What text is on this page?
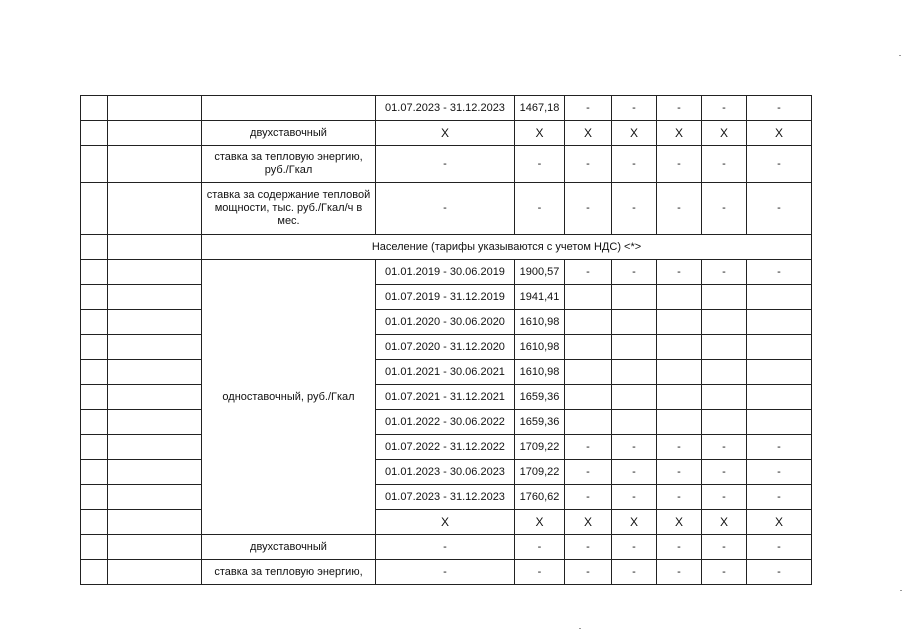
			01.07.2023 - 31.12.2023	1467,18	-	-	-	-	-
		двухставочный	X	X	X	X	X	X	X
		ставка за тепловую энергию, руб./Гкал	-	-	-	-	-	-	-
		ставка за содержание тепловой мощности, тыс. руб./Гкал/ч в мес.	-	-	-	-	-	-	-
		Население (тарифы указываются с учетом НДС) <*>							
		одноставочный, руб./Гкал	01.01.2019 - 30.06.2019	1900,57	-	-	-	-	-
			01.07.2019 - 31.12.2019	1941,41					
			01.01.2020 - 30.06.2020	1610,98					
			01.07.2020 - 31.12.2020	1610,98					
			01.01.2021 - 30.06.2021	1610,98					
			01.07.2021 - 31.12.2021	1659,36					
			01.01.2022 - 30.06.2022	1659,36					
			01.07.2022 - 31.12.2022	1709,22	-	-	-	-	-
			01.01.2023 - 30.06.2023	1709,22	-	-	-	-	-
			01.07.2023 - 31.12.2023	1760,62	-	-	-	-	-
			X	X	X	X	X	X	X
		двухставочный	-	-	-	-	-	-	-
		ставка за тепловую энергию,	-	-	-	-	-	-	-
